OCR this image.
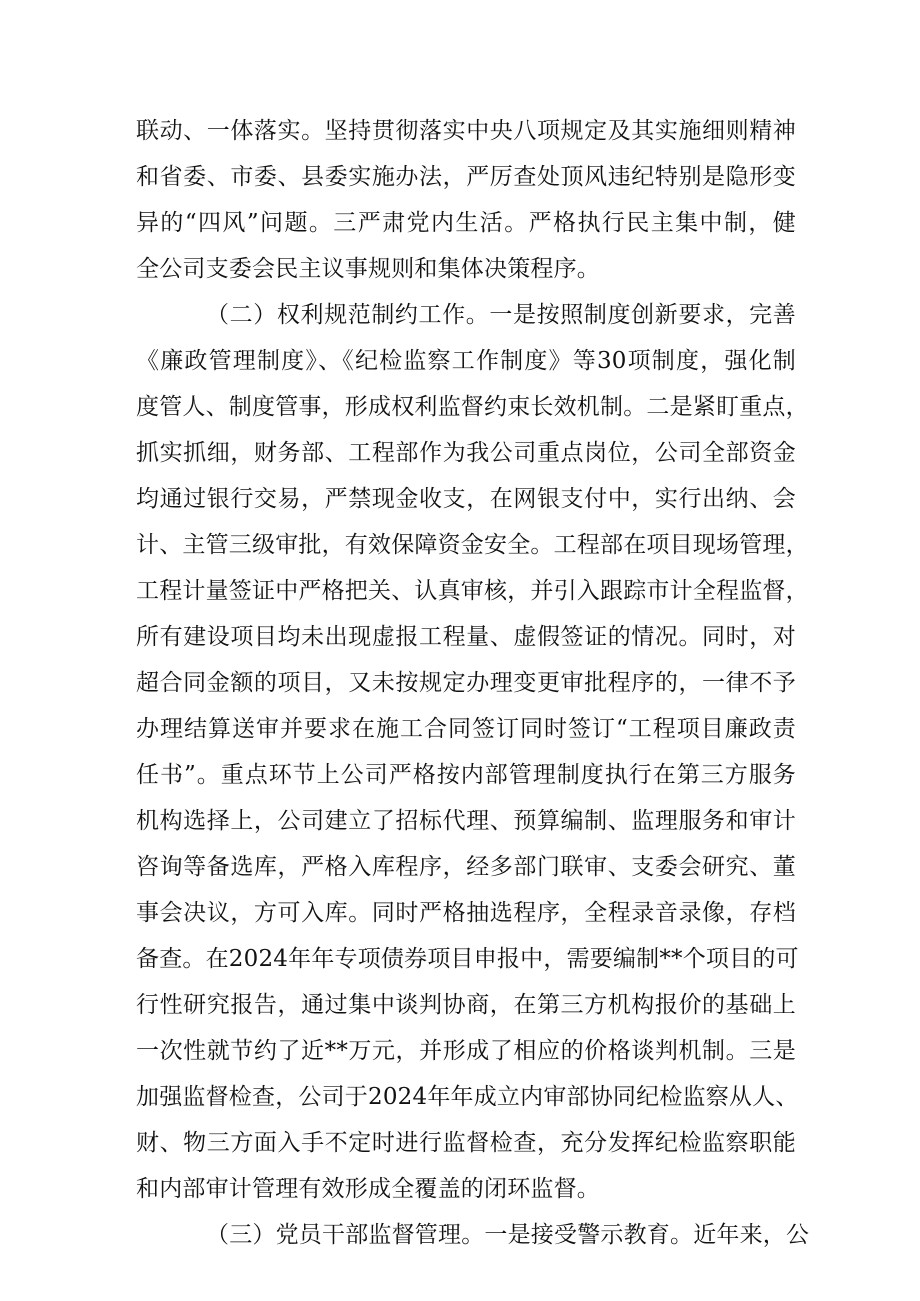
联动、一体落实。坚持贯彻落实中央八项规定及其实施细则精神
和省委、市委、县委实施办法，严厉查处顶风违纪特别是隐形变
异的“四风”问题。三严肃党内生活。严格执行民主集中制，健
全公司支委会民主议事规则和集体决策程序。
（二）权利规范制约工作。一是按照制度创新要求，完善
《廉政管理制度》、《纪检监察工作制度》等30项制度，强化制
度管人、制度管事，形成权利监督约束长效机制。二是紧盯重点，
抓实抓细，财务部、工程部作为我公司重点岗位，公司全部资金
均通过银行交易，严禁现金收支，在网银支付中，实行出纳、会
计、主管三级审批，有效保障资金安全。工程部在项目现场管理，
工程计量签证中严格把关、认真审核，并引入跟踪市计全程监督，
所有建设项目均未出现虚报工程量、虚假签证的情况。同时，对
超合同金额的项目，又未按规定办理变更审批程序的，一律不予
办理结算送审并要求在施工合同签订同时签订“工程项目廉政责
任书”。重点环节上公司严格按内部管理制度执行在第三方服务
机构选择上，公司建立了招标代理、预算编制、监理服务和审计
咨询等备选库，严格入库程序，经多部门联审、支委会研究、董
事会决议，方可入库。同时严格抽选程序，全程录音录像，存档
备查。在2024年年专项债券项目申报中，需要编制**个项目的可
行性研究报告，通过集中谈判协商，在第三方机构报价的基础上
一次性就节约了近**万元，并形成了相应的价格谈判机制。三是
加强监督检查，公司于2024年年成立内审部协同纪检监察从人、
财、物三方面入手不定时进行监督检查，充分发挥纪检监察职能
和内部审计管理有效形成全覆盖的闭环监督。
（三）党员干部监督管理。一是接受警示教育。近年来，公
